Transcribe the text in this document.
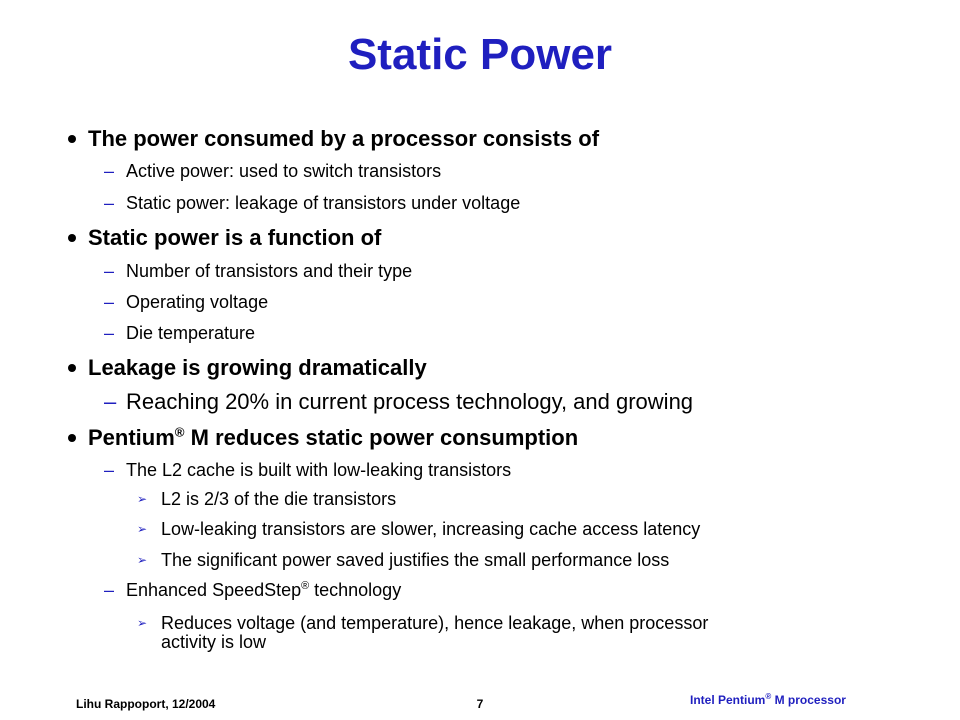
Static Power
The power consumed by a processor consists of
– Active power: used to switch transistors
– Static power: leakage of transistors under voltage
Static power is a function of
– Number of transistors and their type
– Operating voltage
– Die temperature
Leakage is growing dramatically
– Reaching 20% in current process technology, and growing
Pentium® M reduces static power consumption
– The L2 cache is built with low-leaking transistors
➢ L2 is 2/3 of the die transistors
➢ Low-leaking transistors are slower, increasing cache access latency
➢ The significant power saved justifies the small performance loss
– Enhanced SpeedStep® technology
➢ Reduces voltage (and temperature), hence leakage, when processor
activity is low
Lihu Rappoport, 12/2004	7	Intel Pentium® M processor
